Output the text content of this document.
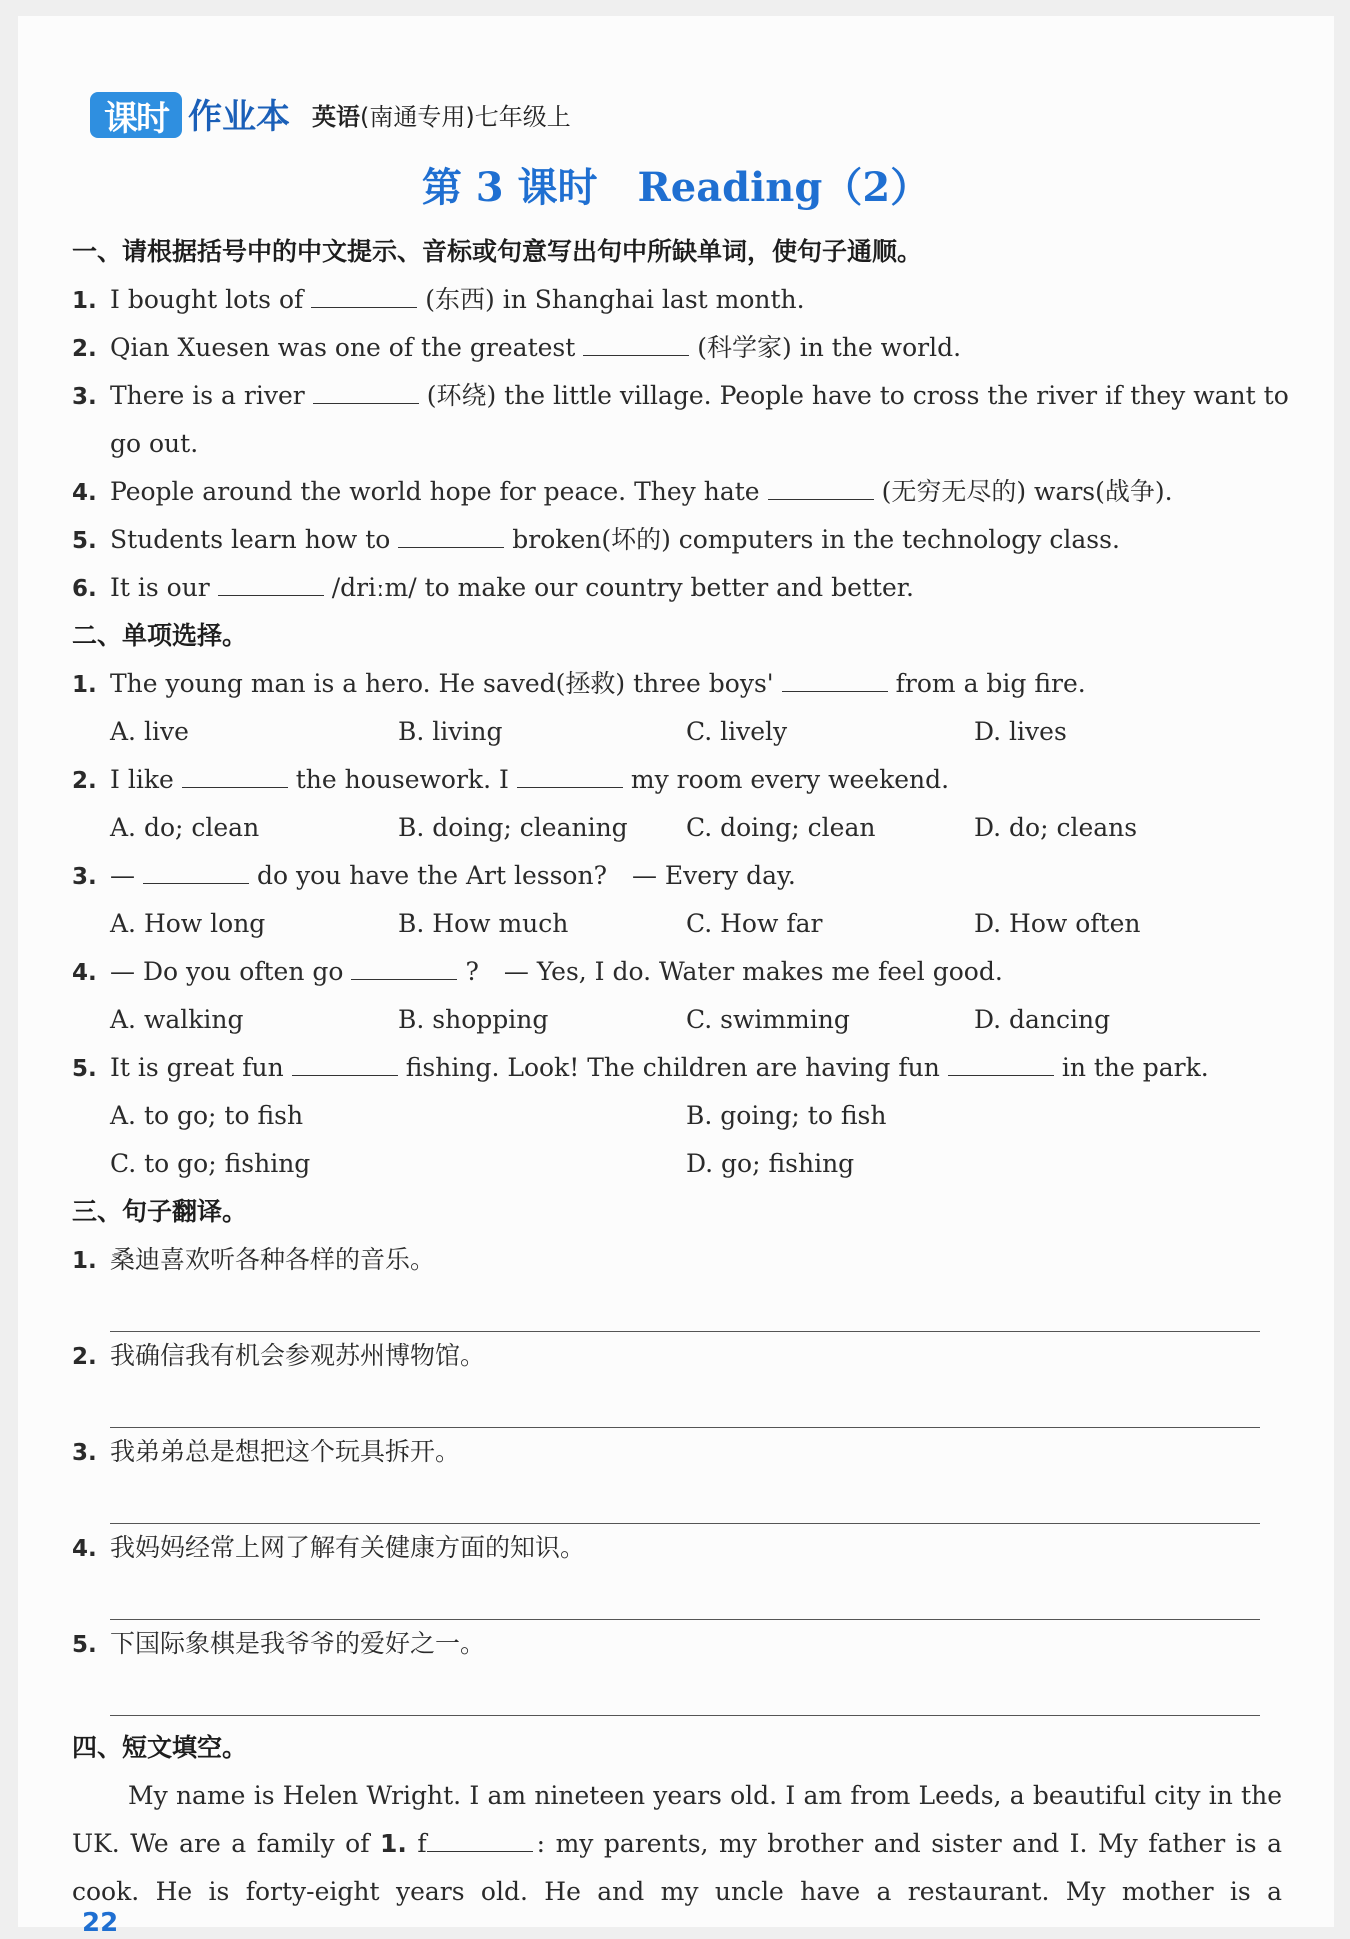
课时 作业本 英语(南通专用)七年级上
第 3 课时　Reading（2）
一、请根据括号中的中文提示、音标或句意写出句中所缺单词，使句子通顺。
1. I bought lots of	(东西) in Shanghai last month.
2. Qian Xuesen was one of the greatest	(科学家) in the world.
3. There is a river	(环绕) the little village. People have to cross the river if they want to
go out.
4. People around the world hope for peace. They hate	(无穷无尽的) wars(战争).
5. Students learn how to	broken(坏的) computers in the technology class.
6. It is our	/driːm/ to make our country better and better.
二、单项选择。
1. The young man is a hero. He saved(拯救) three boys'	from a big fire.
A. live	B. living	C. lively	D. lives
2. I like	the housework. I	my room every weekend.
A. do; clean	B. doing; cleaning	C. doing; clean	D. do; cleans
3. —	do you have the Art lesson?　— Every day.
A. How long	B. How much	C. How far	D. How often
4. — Do you often go	?　— Yes, I do. Water makes me feel good.
A. walking	B. shopping	C. swimming	D. dancing
5. It is great fun	fishing. Look! The children are having fun	in the park.
A. to go; to fish	B. going; to fish
C. to go; fishing	D. go; fishing
三、句子翻译。
1. 桑迪喜欢听各种各样的音乐。
2. 我确信我有机会参观苏州博物馆。
3. 我弟弟总是想把这个玩具拆开。
4. 我妈妈经常上网了解有关健康方面的知识。
5. 下国际象棋是我爷爷的爱好之一。
四、短文填空。
My name is Helen Wright. I am nineteen years old. I am from Leeds, a beautiful city in the
UK. We are a family of 1. f	: my parents, my brother and sister and I. My father is a
cook. He is forty-eight years old. He and my uncle have a restaurant. My mother is a
22
